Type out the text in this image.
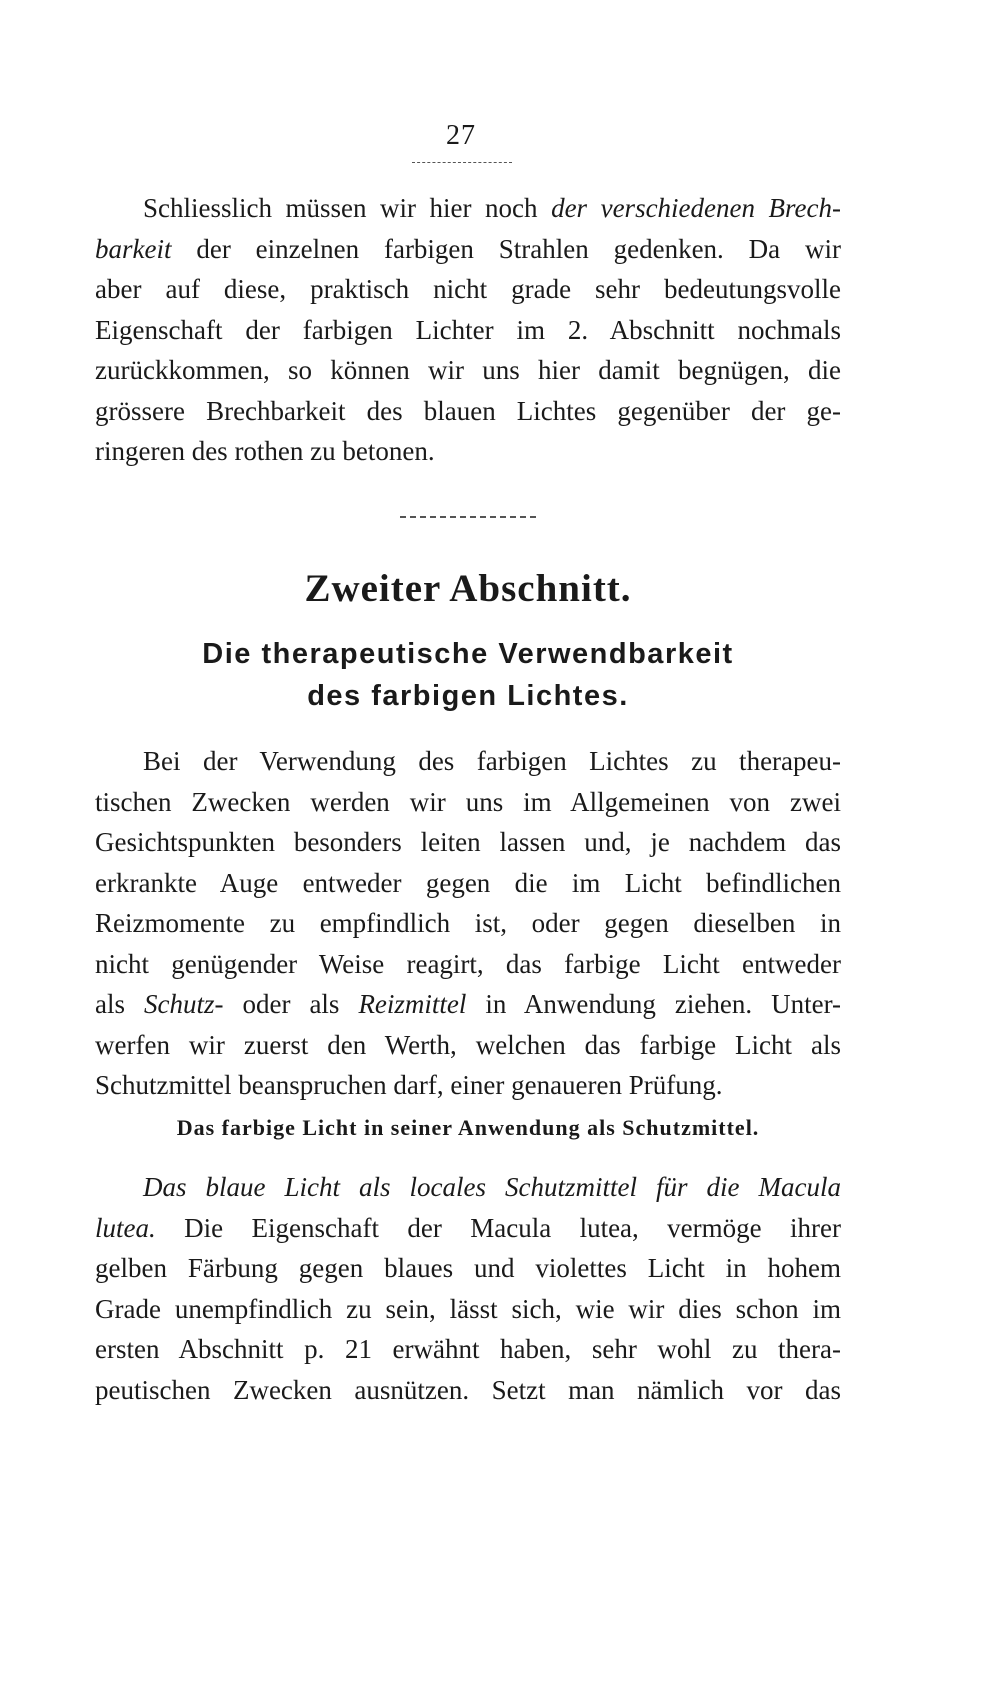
27
Schliesslich müssen wir hier noch der verschiedenen Brech-
barkeit der einzelnen farbigen Strahlen gedenken. Da wir
aber auf diese, praktisch nicht grade sehr bedeutungsvolle
Eigenschaft der farbigen Lichter im 2. Abschnitt nochmals
zurückkommen, so können wir uns hier damit begnügen, die
grössere Brechbarkeit des blauen Lichtes gegenüber der ge-
ringeren des rothen zu betonen.
Zweiter Abschnitt.
Die therapeutische Verwendbarkeit
des farbigen Lichtes.
Bei der Verwendung des farbigen Lichtes zu therapeu-
tischen Zwecken werden wir uns im Allgemeinen von zwei
Gesichtspunkten besonders leiten lassen und, je nachdem das
erkrankte Auge entweder gegen die im Licht befindlichen
Reizmomente zu empfindlich ist, oder gegen dieselben in
nicht genügender Weise reagirt, das farbige Licht entweder
als Schutz- oder als Reizmittel in Anwendung ziehen. Unter-
werfen wir zuerst den Werth, welchen das farbige Licht als
Schutzmittel beanspruchen darf, einer genaueren Prüfung.
Das farbige Licht in seiner Anwendung als Schutzmittel.
Das blaue Licht als locales Schutzmittel für die Macula
lutea. Die Eigenschaft der Macula lutea, vermöge ihrer
gelben Färbung gegen blaues und violettes Licht in hohem
Grade unempfindlich zu sein, lässt sich, wie wir dies schon im
ersten Abschnitt p. 21 erwähnt haben, sehr wohl zu thera-
peutischen Zwecken ausnützen. Setzt man nämlich vor das
